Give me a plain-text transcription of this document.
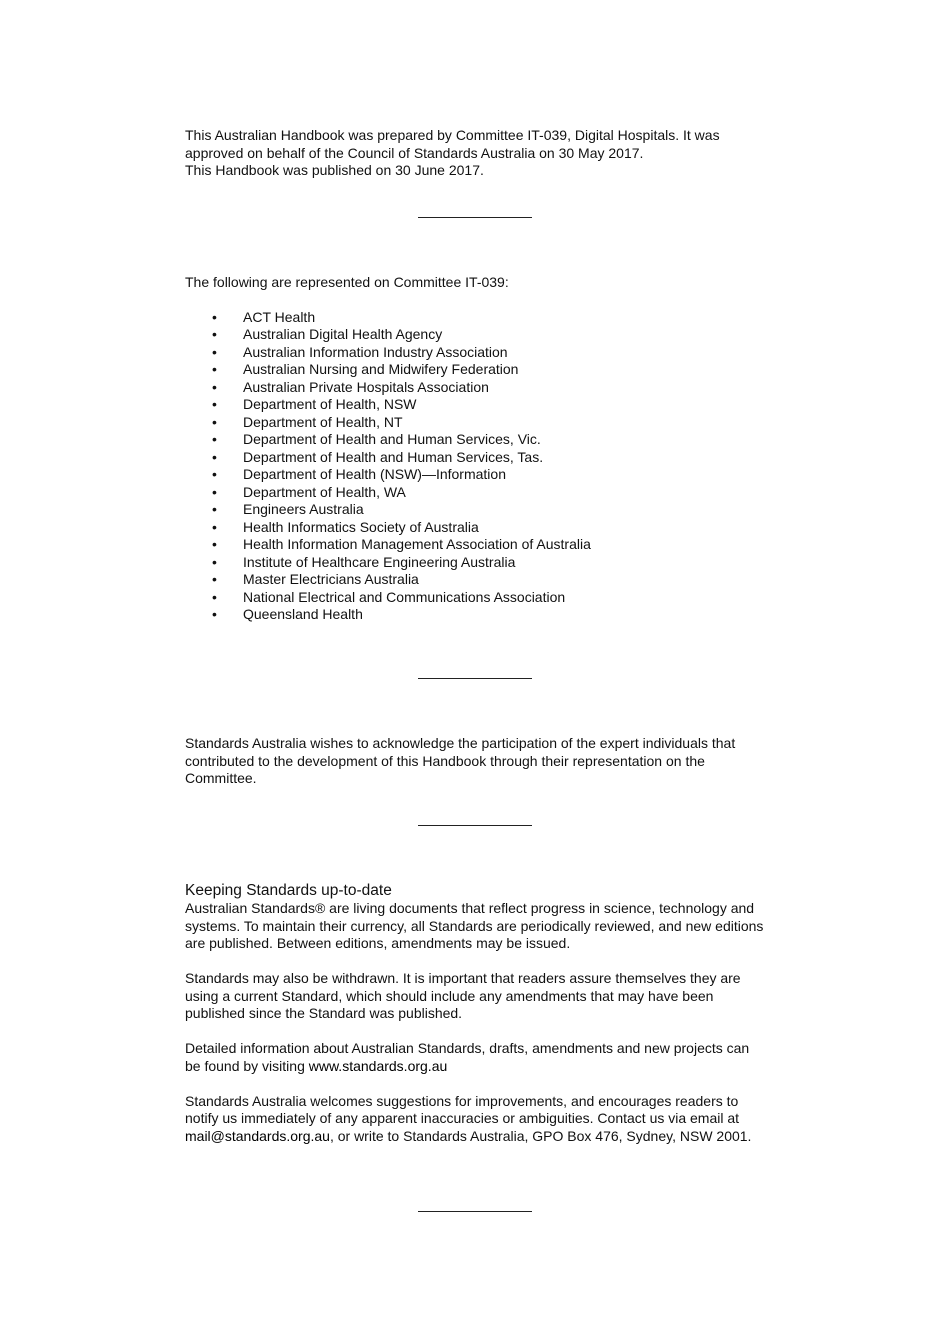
This Australian Handbook was prepared by Committee IT-039, Digital Hospitals. It was

approved on behalf of the Council of Standards Australia on 30 May 2017.

This Handbook was published on 30 June 2017.

The following are represented on Committee IT-039:

• ACT Health
• Australian Digital Health Agency
• Australian Information Industry Association
• Australian Nursing and Midwifery Federation
• Australian Private Hospitals Association
• Department of Health, NSW
• Department of Health, NT
• Department of Health and Human Services, Vic.
• Department of Health and Human Services, Tas.
• Department of Health (NSW)—Information
• Department of Health, WA
• Engineers Australia
• Health Informatics Society of Australia
• Health Information Management Association of Australia
• Institute of Healthcare Engineering Australia
• Master Electricians Australia
• National Electrical and Communications Association
• Queensland Health

Standards Australia wishes to acknowledge the participation of the expert individuals that

contributed to the development of this Handbook through their representation on the

Committee.

Keeping Standards up-to-date

Australian Standards® are living documents that reflect progress in science, technology and

systems. To maintain their currency, all Standards are periodically reviewed, and new editions

are published. Between editions, amendments may be issued.

Standards may also be withdrawn. It is important that readers assure themselves they are

using a current Standard, which should include any amendments that may have been

published since the Standard was published.

Detailed information about Australian Standards, drafts, amendments and new projects can

be found by visiting www.standards.org.au

Standards Australia welcomes suggestions for improvements, and encourages readers to

notify us immediately of any apparent inaccuracies or ambiguities. Contact us via email at

mail@standards.org.au, or write to Standards Australia, GPO Box 476, Sydney, NSW 2001.
